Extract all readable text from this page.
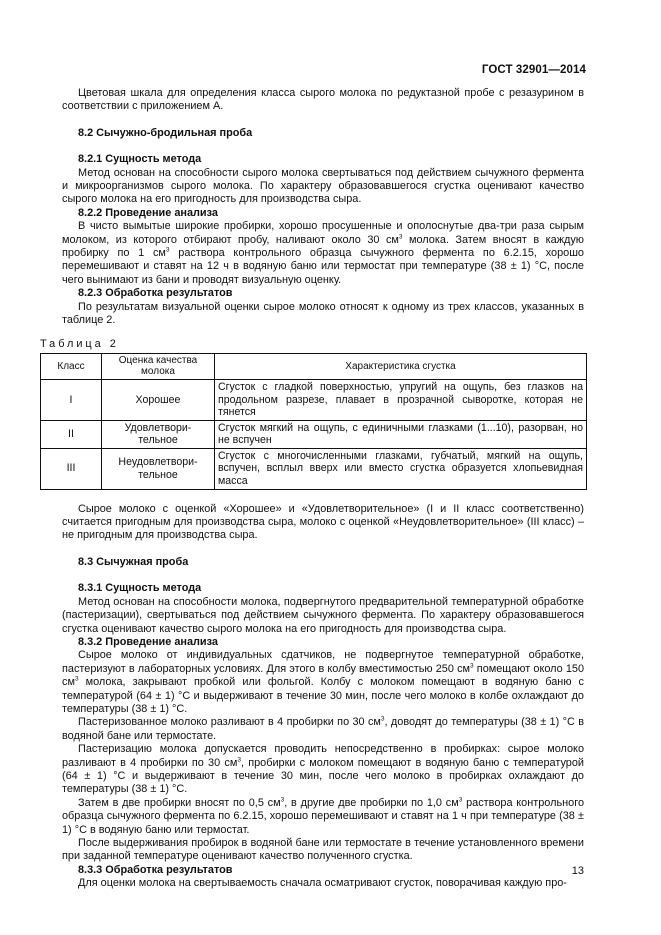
ГОСТ 32901—2014

Цветовая шкала для определения класса сырого молока по редуктазной пробе с резазурином в соответствии с приложением А.

8.2 Сычужно-бродильная проба

8.2.1 Сущность метода

Метод основан на способности сырого молока свертываться под действием сычужного фермента и микроорганизмов сырого молока. По характеру образовавшегося сгустка оценивают качество сырого молока на его пригодность для производства сыра.

8.2.2 Проведение анализа

В чисто вымытые широкие пробирки, хорошо просушенные и ополоснутые два-три раза сырым молоком, из которого отбирают пробу, наливают около 30 $см^3$ молока. Затем вносят в каждую пробирку по 1 $см^3$ раствора контрольного образца сычужного фермента по 6.2.15, хорошо перемешивают и ставят на 12 ч в водяную баню или термостат при температуре (38 ± 1) °С, после чего вынимают из бани и проводят визуальную оценку.

8.2.3 Обработка результатов

По результатам визуальной оценки сырое молоко относят к одному из трех классов, указанных в таблице 2.

Таблица 2
Класс	Оценка качества молока	Характеристика сгустка
I	Хорошее	Сгусток с гладкой поверхностью, упругий на ощупь, без глазков на продольном разрезе, плавает в прозрачной сыворотке, которая не тянется
II	Удовлетвори-тельное	Сгусток мягкий на ощупь, с единичными глазками (1...10), разорван, но не вспучен
III	Неудовлетвори-тельное	Сгусток с многочисленными глазками, губчатый, мягкий на ощупь, вспучен, всплыл вверх или вместо сгустка образуется хлопьевидная масса

Сырое молоко с оценкой «Хорошее» и «Удовлетворительное» (I и II класс соответственно) считается пригодным для производства сыра, молоко с оценкой «Неудовлетворительное» (III класс) – не пригодным для производства сыра.

8.3 Сычужная проба

8.3.1 Сущность метода

Метод основан на способности молока, подвергнутого предварительной температурной обработке (пастеризации), свертываться под действием сычужного фермента. По характеру образовавшегося сгустка оценивают качество сырого молока на его пригодность для производства сыра.

8.3.2 Проведение анализа

Сырое молоко от индивидуальных сдатчиков, не подвергнутое температурной обработке, пастеризуют в лабораторных условиях. Для этого в колбу вместимостью 250 $см^3$ помещают около 150 $см^3$ молока, закрывают пробкой или фольгой. Колбу с молоком помещают в водяную баню с температурой (64 ± 1) °С и выдерживают в течение 30 мин, после чего молоко в колбе охлаждают до температуры (38 ± 1) °С.

Пастеризованное молоко разливают в 4 пробирки по 30 $см^3$, доводят до температуры (38 ± 1) °С в водяной бане или термостате.

Пастеризацию молока допускается проводить непосредственно в пробирках: сырое молоко разливают в 4 пробирки по 30 $см^3$, пробирки с молоком помещают в водяную баню с температурой (64 ± 1) °С и выдерживают в течение 30 мин, после чего молоко в пробирках охлаждают до температуры (38 ± 1) °С.

Затем в две пробирки вносят по 0,5 $см^3$, в другие две пробирки по 1,0 $см^3$ раствора контрольного образца сычужного фермента по 6.2.15, хорошо перемешивают и ставят на 1 ч при температуре (38 ± 1) °С в водяную баню или термостат.

После выдерживания пробирок в водяной бане или термостате в течение установленного времени при заданной температуре оценивают качество полученного сгустка.

8.3.3 Обработка результатов

Для оценки молока на свертываемость сначала осматривают сгусток, поворачивая каждую про-

13
